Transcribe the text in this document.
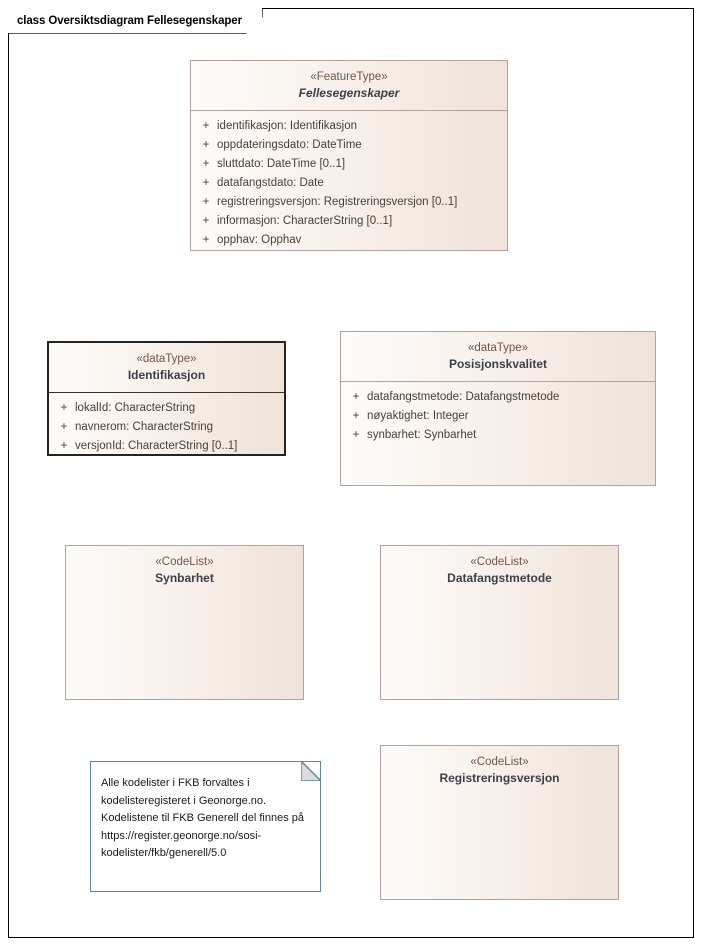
class Oversiktsdiagram Fellesegenskaper
«FeatureType»
Fellesegenskaper
+ identifikasjon: Identifikasjon
+ oppdateringsdato: DateTime
+ sluttdato: DateTime [0..1]
+ datafangstdato: Date
+ registreringsversjon: Registreringsversjon [0..1]
+ informasjon: CharacterString [0..1]
+ opphav: Opphav
«dataType»
Identifikasjon
+ lokalId: CharacterString
+ navnerom: CharacterString
+ versjonId: CharacterString [0..1]
«dataType»
Posisjonskvalitet
+ datafangstmetode: Datafangstmetode
+ nøyaktighet: Integer
+ synbarhet: Synbarhet
«CodeList»
Synbarhet
«CodeList»
Datafangstmetode
«CodeList»
Registreringsversjon
Alle kodelister i FKB forvaltes i kodelisteregisteret i Geonorge.no. Kodelistene til FKB Generell del finnes på https://register.geonorge.no/sosi-kodelister/fkb/generell/5.0
